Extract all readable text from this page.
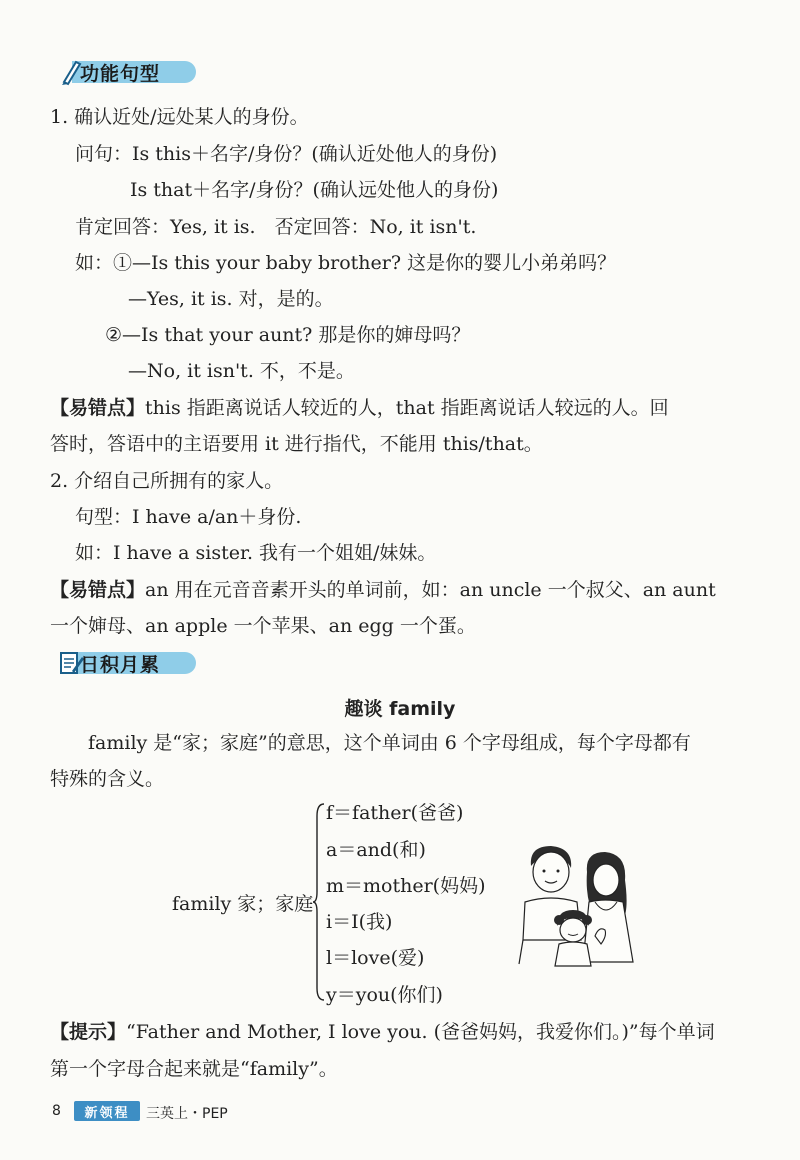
功能句型
1. 确认近处/远处某人的身份。
问句：Is this＋名字/身份？(确认近处他人的身份)
Is that＋名字/身份？(确认远处他人的身份)
肯定回答：Yes, it is.　否定回答：No, it isn't.
如：①—Is this your baby brother? 这是你的婴儿小弟弟吗？
—Yes, it is. 对，是的。
②—Is that your aunt? 那是你的婶母吗？
—No, it isn't. 不，不是。
【易错点】this 指距离说话人较近的人，that 指距离说话人较远的人。回
答时，答语中的主语要用 it 进行指代，不能用 this/that。
2. 介绍自己所拥有的家人。
句型：I have a/an＋身份.
如：I have a sister. 我有一个姐姐/妹妹。
【易错点】an 用在元音音素开头的单词前，如：an uncle 一个叔父、an aunt
一个婶母、an apple 一个苹果、an egg 一个蛋。
日积月累
趣谈 family
family 是“家；家庭”的意思，这个单词由 6 个字母组成，每个字母都有
特殊的含义。
family 家；家庭
f＝father(爸爸)
a＝and(和)
m＝mother(妈妈)
i＝I(我)
l＝love(爱)
y＝you(你们)
【提示】“Father and Mother, I love you. (爸爸妈妈，我爱你们。)”每个单词
第一个字母合起来就是“family”。
8	新领程	三英上・PEP
